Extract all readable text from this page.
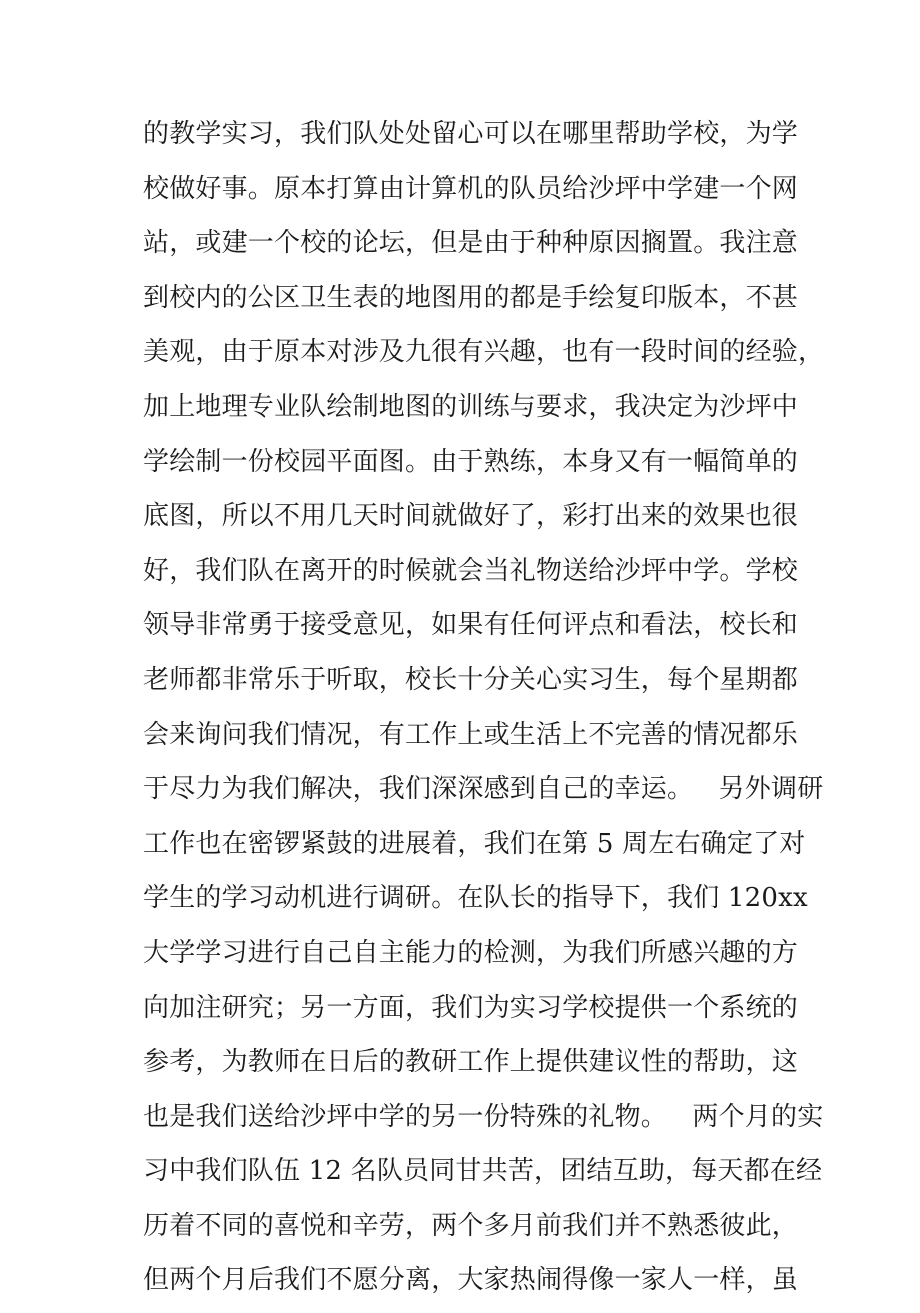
的教学实习，我们队处处留心可以在哪里帮助学校，为学
校做好事。原本打算由计算机的队员给沙坪中学建一个网
站，或建一个校的论坛，但是由于种种原因搁置。我注意
到校内的公区卫生表的地图用的都是手绘复印版本，不甚
美观，由于原本对涉及九很有兴趣，也有一段时间的经验，
加上地理专业队绘制地图的训练与要求，我决定为沙坪中
学绘制一份校园平面图。由于熟练，本身又有一幅简单的
底图，所以不用几天时间就做好了，彩打出来的效果也很
好，我们队在离开的时候就会当礼物送给沙坪中学。学校
领导非常勇于接受意见，如果有任何评点和看法，校长和
老师都非常乐于听取，校长十分关心实习生，每个星期都
会来询问我们情况，有工作上或生活上不完善的情况都乐
于尽力为我们解决，我们深深感到自己的幸运。   另外调研
工作也在密锣紧鼓的进展着，我们在第 5 周左右确定了对
学生的学习动机进行调研。在队长的指导下，我们 120xx
大学学习进行自己自主能力的检测，为我们所感兴趣的方
向加注研究；另一方面，我们为实习学校提供一个系统的
参考，为教师在日后的教研工作上提供建议性的帮助，这
也是我们送给沙坪中学的另一份特殊的礼物。   两个月的实
习中我们队伍 12 名队员同甘共苦，团结互助，每天都在经
历着不同的喜悦和辛劳，两个多月前我们并不熟悉彼此，
但两个月后我们不愿分离，大家热闹得像一家人一样，虽
